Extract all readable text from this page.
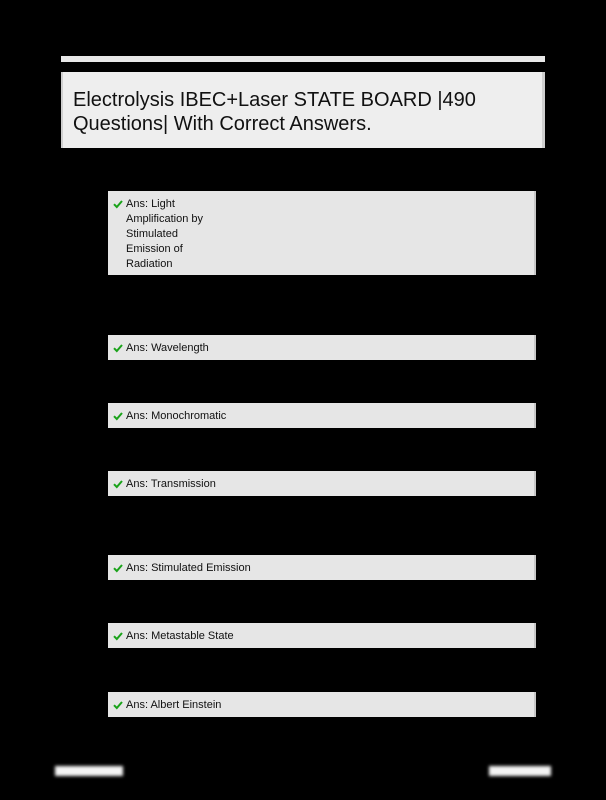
Electrolysis IBEC+Laser STATE BOARD |490 Questions| With Correct Answers.
Ans: Light Amplification by Stimulated Emission of Radiation
Ans: Wavelength
Ans: Monochromatic
Ans: Transmission
Ans: Stimulated Emission
Ans: Metastable State
Ans: Albert Einstein
